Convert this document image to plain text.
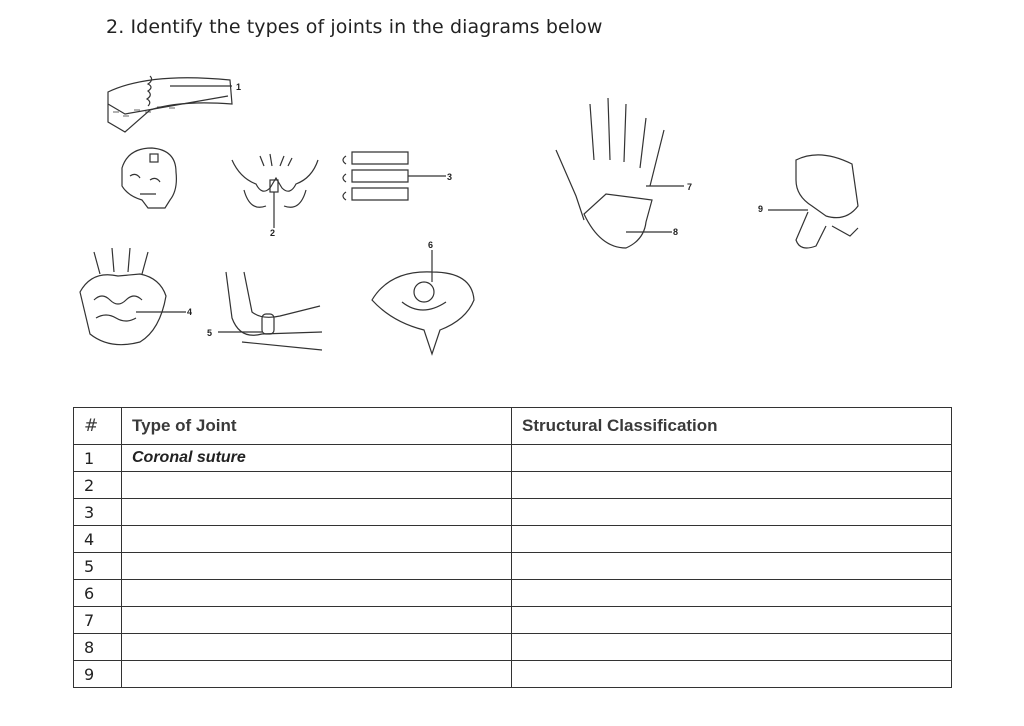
2. Identify the types of joints in the diagrams below
1
2
3
4
5
6
7
8
9
#	Type of Joint	Structural Classification
1	Coronal suture	
2		
3		
4		
5		
6		
7		
8		
9		
